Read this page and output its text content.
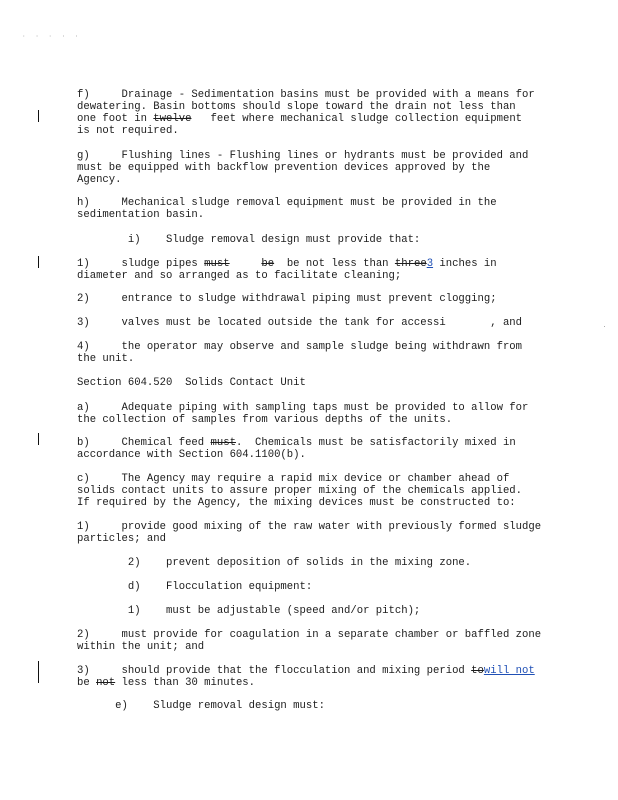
· · · · ·
f)     Drainage - Sedimentation basins must be provided with a means for
dewatering. Basin bottoms should slope toward the drain not less than
one foot in twelve   feet where mechanical sludge collection equipment
is not required.
g)     Flushing lines - Flushing lines or hydrants must be provided and
must be equipped with backflow prevention devices approved by the
Agency.
h)     Mechanical sludge removal equipment must be provided in the
sedimentation basin.
i)    Sludge removal design must provide that:
1)     sludge pipes must	be  be not less than three3 inches in
diameter and so arranged as to facilitate cleaning;
2)     entrance to sludge withdrawal piping must prevent clogging;
3)     valves must be located outside the tank for accessi       , and
4)     the operator may observe and sample sludge being withdrawn from
the unit.
Section 604.520  Solids Contact Unit
a)     Adequate piping with sampling taps must be provided to allow for
the collection of samples from various depths of the units.
b)     Chemical feed must.  Chemicals must be satisfactorily mixed in
accordance with Section 604.1100(b).
c)     The Agency may require a rapid mix device or chamber ahead of
solids contact units to assure proper mixing of the chemicals applied.
If required by the Agency, the mixing devices must be constructed to:
1)     provide good mixing of the raw water with previously formed sludge
particles; and
2)    prevent deposition of solids in the mixing zone.
d)    Flocculation equipment:
1)    must be adjustable (speed and/or pitch);
2)     must provide for coagulation in a separate chamber or baffled zone
within the unit; and
3)     should provide that the flocculation and mixing period towill not
be not less than 30 minutes.
e)    Sludge removal design must:
